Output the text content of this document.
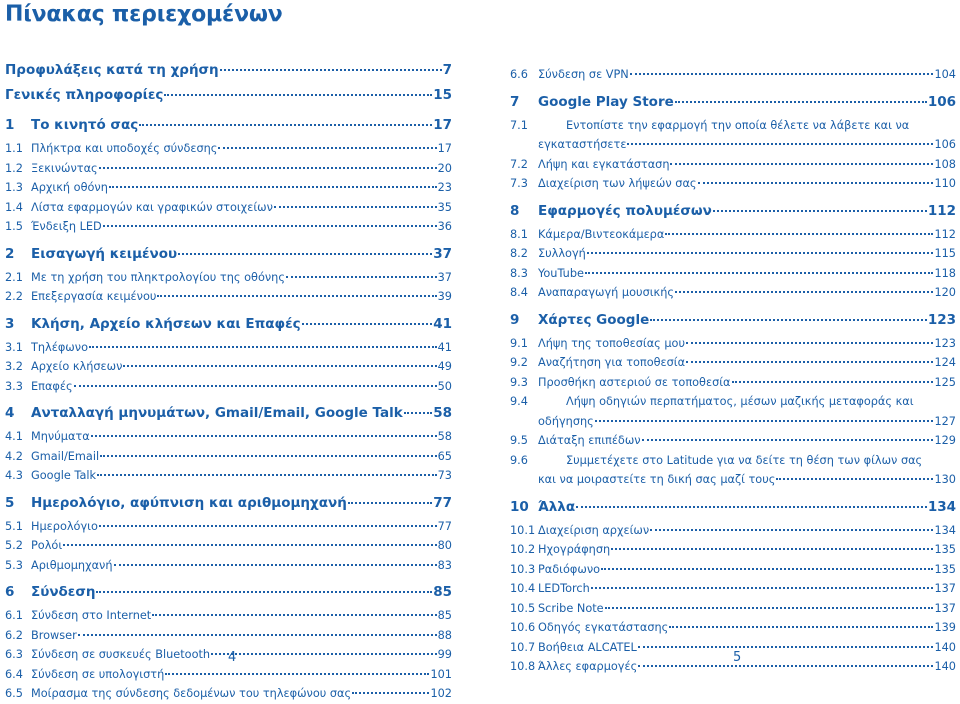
Πίνακας περιεχομένων
Προφυλάξεις κατά τη χρήση	7
Γενικές πληροφορίες	15
1 Το κινητό σας	17
1.1 Πλήκτρα και υποδοχές σύνδεσης	17
1.2 Ξεκινώντας	20
1.3 Αρχική οθόνη	23
1.4 Λίστα εφαρμογών και γραφικών στοιχείων	35
1.5 Ένδειξη LED	36
2 Εισαγωγή κειμένου	37
2.1 Με τη χρήση του πληκτρολογίου της οθόνης	37
2.2 Επεξεργασία κειμένου	39
3 Κλήση, Αρχείο κλήσεων και Επαφές	41
3.1 Τηλέφωνο	41
3.2 Αρχείο κλήσεων	49
3.3 Επαφές	50
4 Ανταλλαγή μηνυμάτων, Gmail/Email, Google Talk 58
4.1 Μηνύματα	58
4.2 Gmail/Email	65
4.3 Google Talk	73
5 Ημερολόγιο, αφύπνιση και αριθμομηχανή	77
5.1 Ημερολόγιο	77
5.2 Ρολόι	80
5.3 Αριθμομηχανή	83
6 Σύνδεση	85
6.1 Σύνδεση στο Internet	85
6.2 Browser	88
6.3 Σύνδεση σε συσκευές Bluetooth	99
6.4 Σύνδεση σε υπολογιστή	101
6.5 Μοίρασμα της σύνδεσης δεδομένων του τηλεφώνου σας	102
6.6 Σύνδεση σε VPN	104
7 Google Play Store	106
7.1	Εντοπίστε την εφαρμογή την οποία θέλετε να λάβετε και να
εγκαταστήσετε	106
7.2 Λήψη και εγκατάσταση	108
7.3 Διαχείριση των λήψεών σας	110
8 Εφαρμογές πολυμέσων	112
8.1 Κάμερα/Βιντεοκάμερα	112
8.2 Συλλογή	115
8.3 YouTube	118
8.4 Αναπαραγωγή μουσικής	120
9 Χάρτες Google	123
9.1 Λήψη της τοποθεσίας μου	123
9.2 Αναζήτηση για τοποθεσία	124
9.3 Προσθήκη αστεριού σε τοποθεσία	125
9.4	Λήψη οδηγιών περπατήματος, μέσων μαζικής μεταφοράς και
οδήγησης	127
9.5 Διάταξη επιπέδων	129
9.6	Συμμετέχετε στο Latitude για να δείτε τη θέση των φίλων σας
και να μοιραστείτε τη δική σας μαζί τους	130
10 Άλλα	134
10.1 Διαχείριση αρχείων	134
10.2 Ηχογράφηση	135
10.3 Ραδιόφωνο	135
10.4 LEDTorch	137
10.5 Scribe Note	137
10.6 Οδηγός εγκατάστασης	139
10.7 Βοήθεια ALCATEL	140
10.8 Άλλες εφαρμογές	140
4	5
